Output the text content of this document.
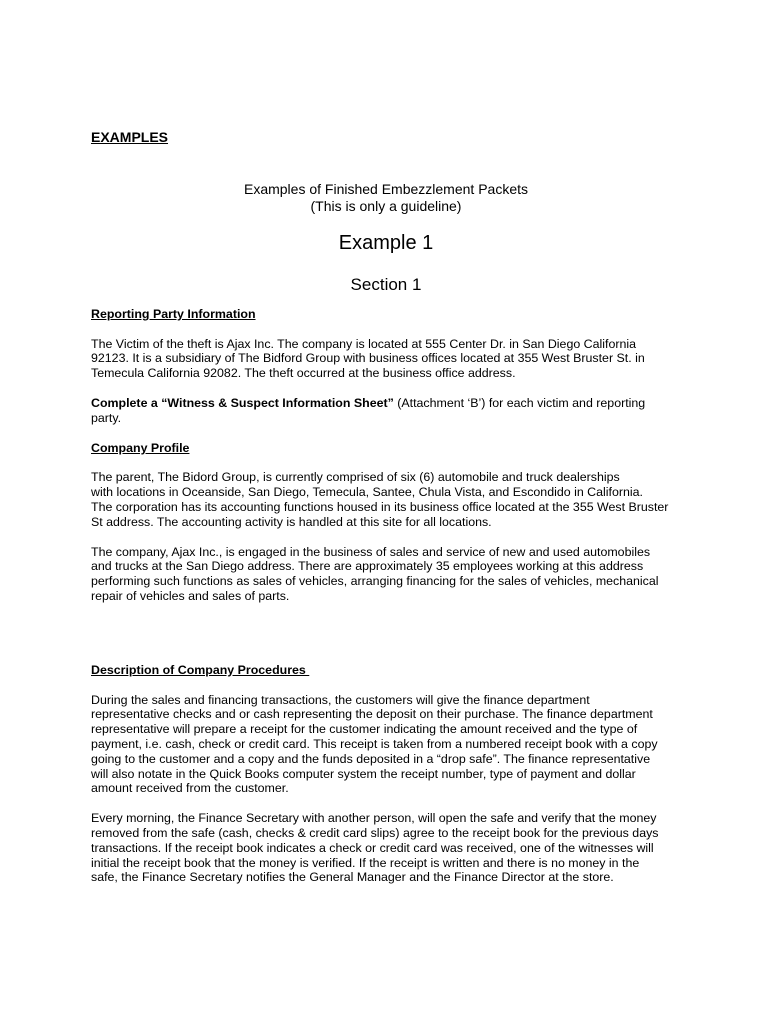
EXAMPLES
Examples of Finished Embezzlement Packets
(This is only a guideline)
Example 1
Section 1
Reporting Party Information

The Victim of the theft is Ajax Inc. The company is located at 555 Center Dr. in San Diego California
92123. It is a subsidiary of The Bidford Group with business offices located at 355 West Bruster St. in
Temecula California 92082. The theft occurred at the business office address.

Complete a “Witness & Suspect Information Sheet” (Attachment ‘B’) for each victim and reporting
party.

Company Profile

The parent, The Bidord Group, is currently comprised of six (6) automobile and truck dealerships
with locations in Oceanside, San Diego, Temecula, Santee, Chula Vista, and Escondido in California.
The corporation has its accounting functions housed in its business office located at the 355 West Bruster
St address. The accounting activity is handled at this site for all locations.

The company, Ajax Inc., is engaged in the business of sales and service of new and used automobiles
and trucks at the San Diego address. There are approximately 35 employees working at this address
performing such functions as sales of vehicles, arranging financing for the sales of vehicles, mechanical
repair of vehicles and sales of parts.

Description of Company Procedures

During the sales and financing transactions, the customers will give the finance department
representative checks and or cash representing the deposit on their purchase. The finance department
representative will prepare a receipt for the customer indicating the amount received and the type of
payment, i.e. cash, check or credit card. This receipt is taken from a numbered receipt book with a copy
going to the customer and a copy and the funds deposited in a “drop safe”. The finance representative
will also notate in the Quick Books computer system the receipt number, type of payment and dollar
amount received from the customer.

Every morning, the Finance Secretary with another person, will open the safe and verify that the money
removed from the safe (cash, checks & credit card slips) agree to the receipt book for the previous days
transactions. If the receipt book indicates a check or credit card was received, one of the witnesses will
initial the receipt book that the money is verified. If the receipt is written and there is no money in the
safe, the Finance Secretary notifies the General Manager and the Finance Director at the store.
